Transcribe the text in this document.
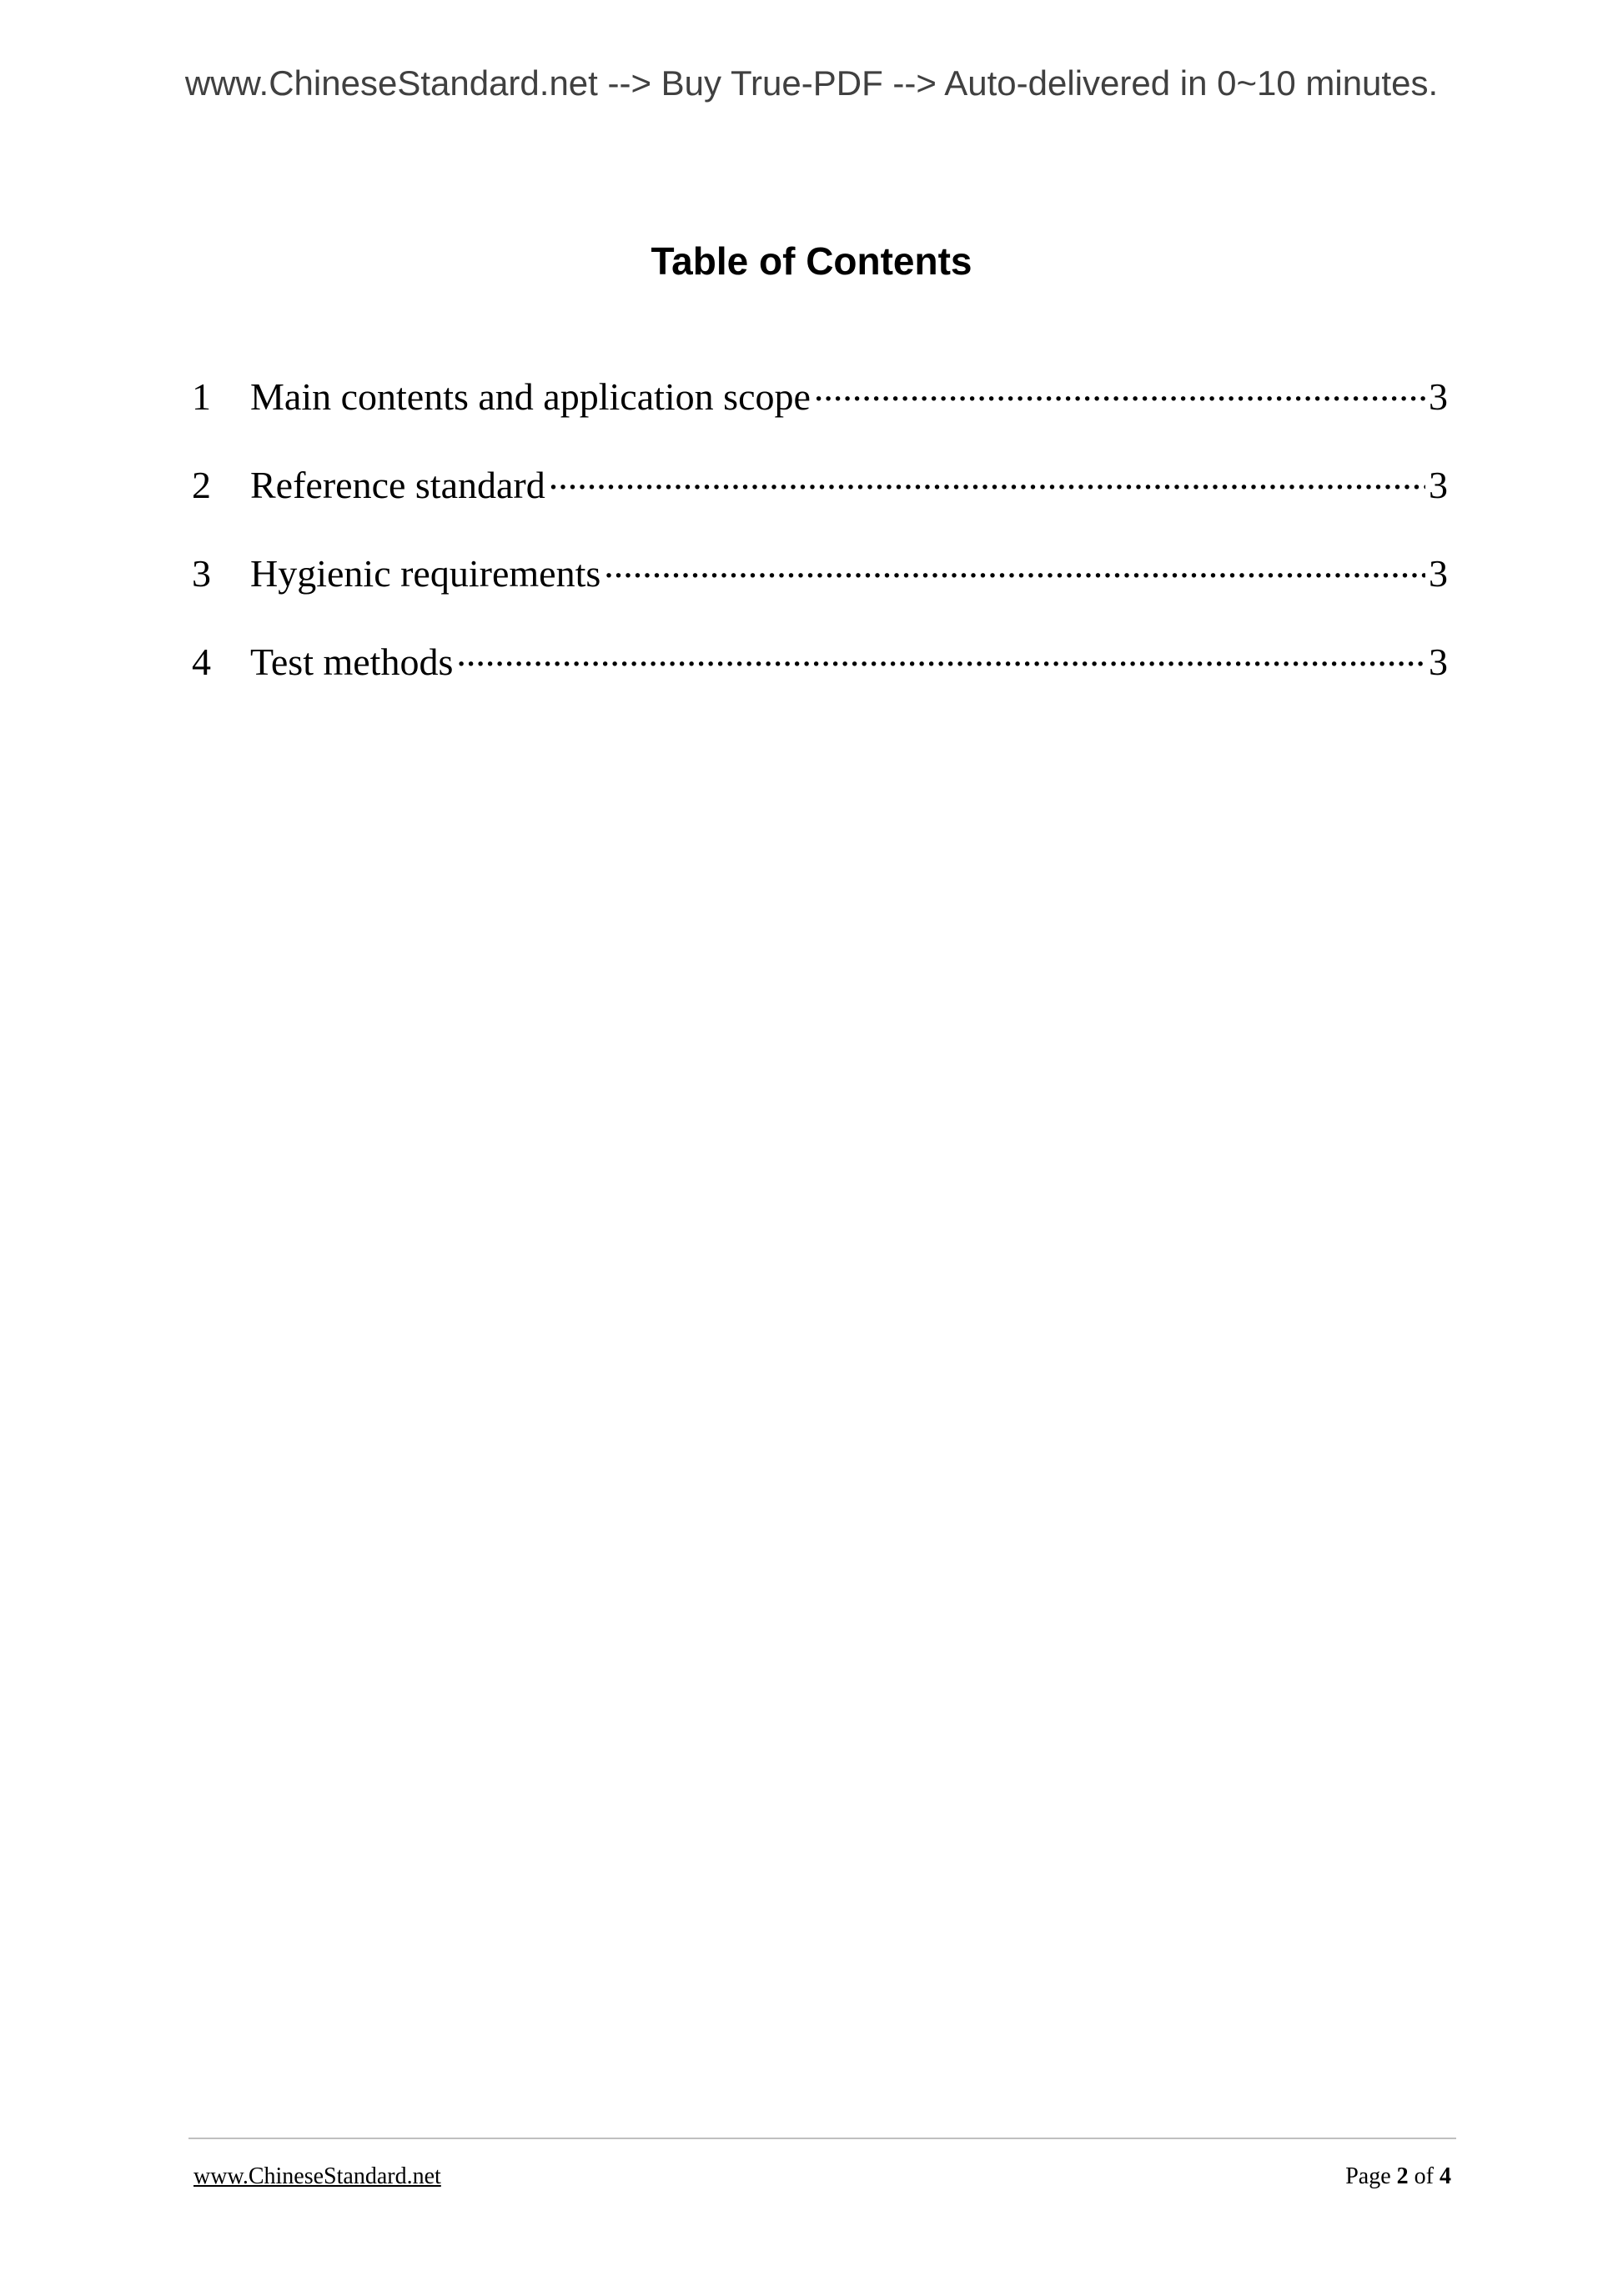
www.ChineseStandard.net --> Buy True-PDF --> Auto-delivered in 0~10 minutes.
Table of Contents
1	Main contents and application scope .....	3
2	Reference standard .....	3
3	Hygienic requirements .....	3
4	Test methods .....	3
www.ChineseStandard.net	Page 2 of 4
